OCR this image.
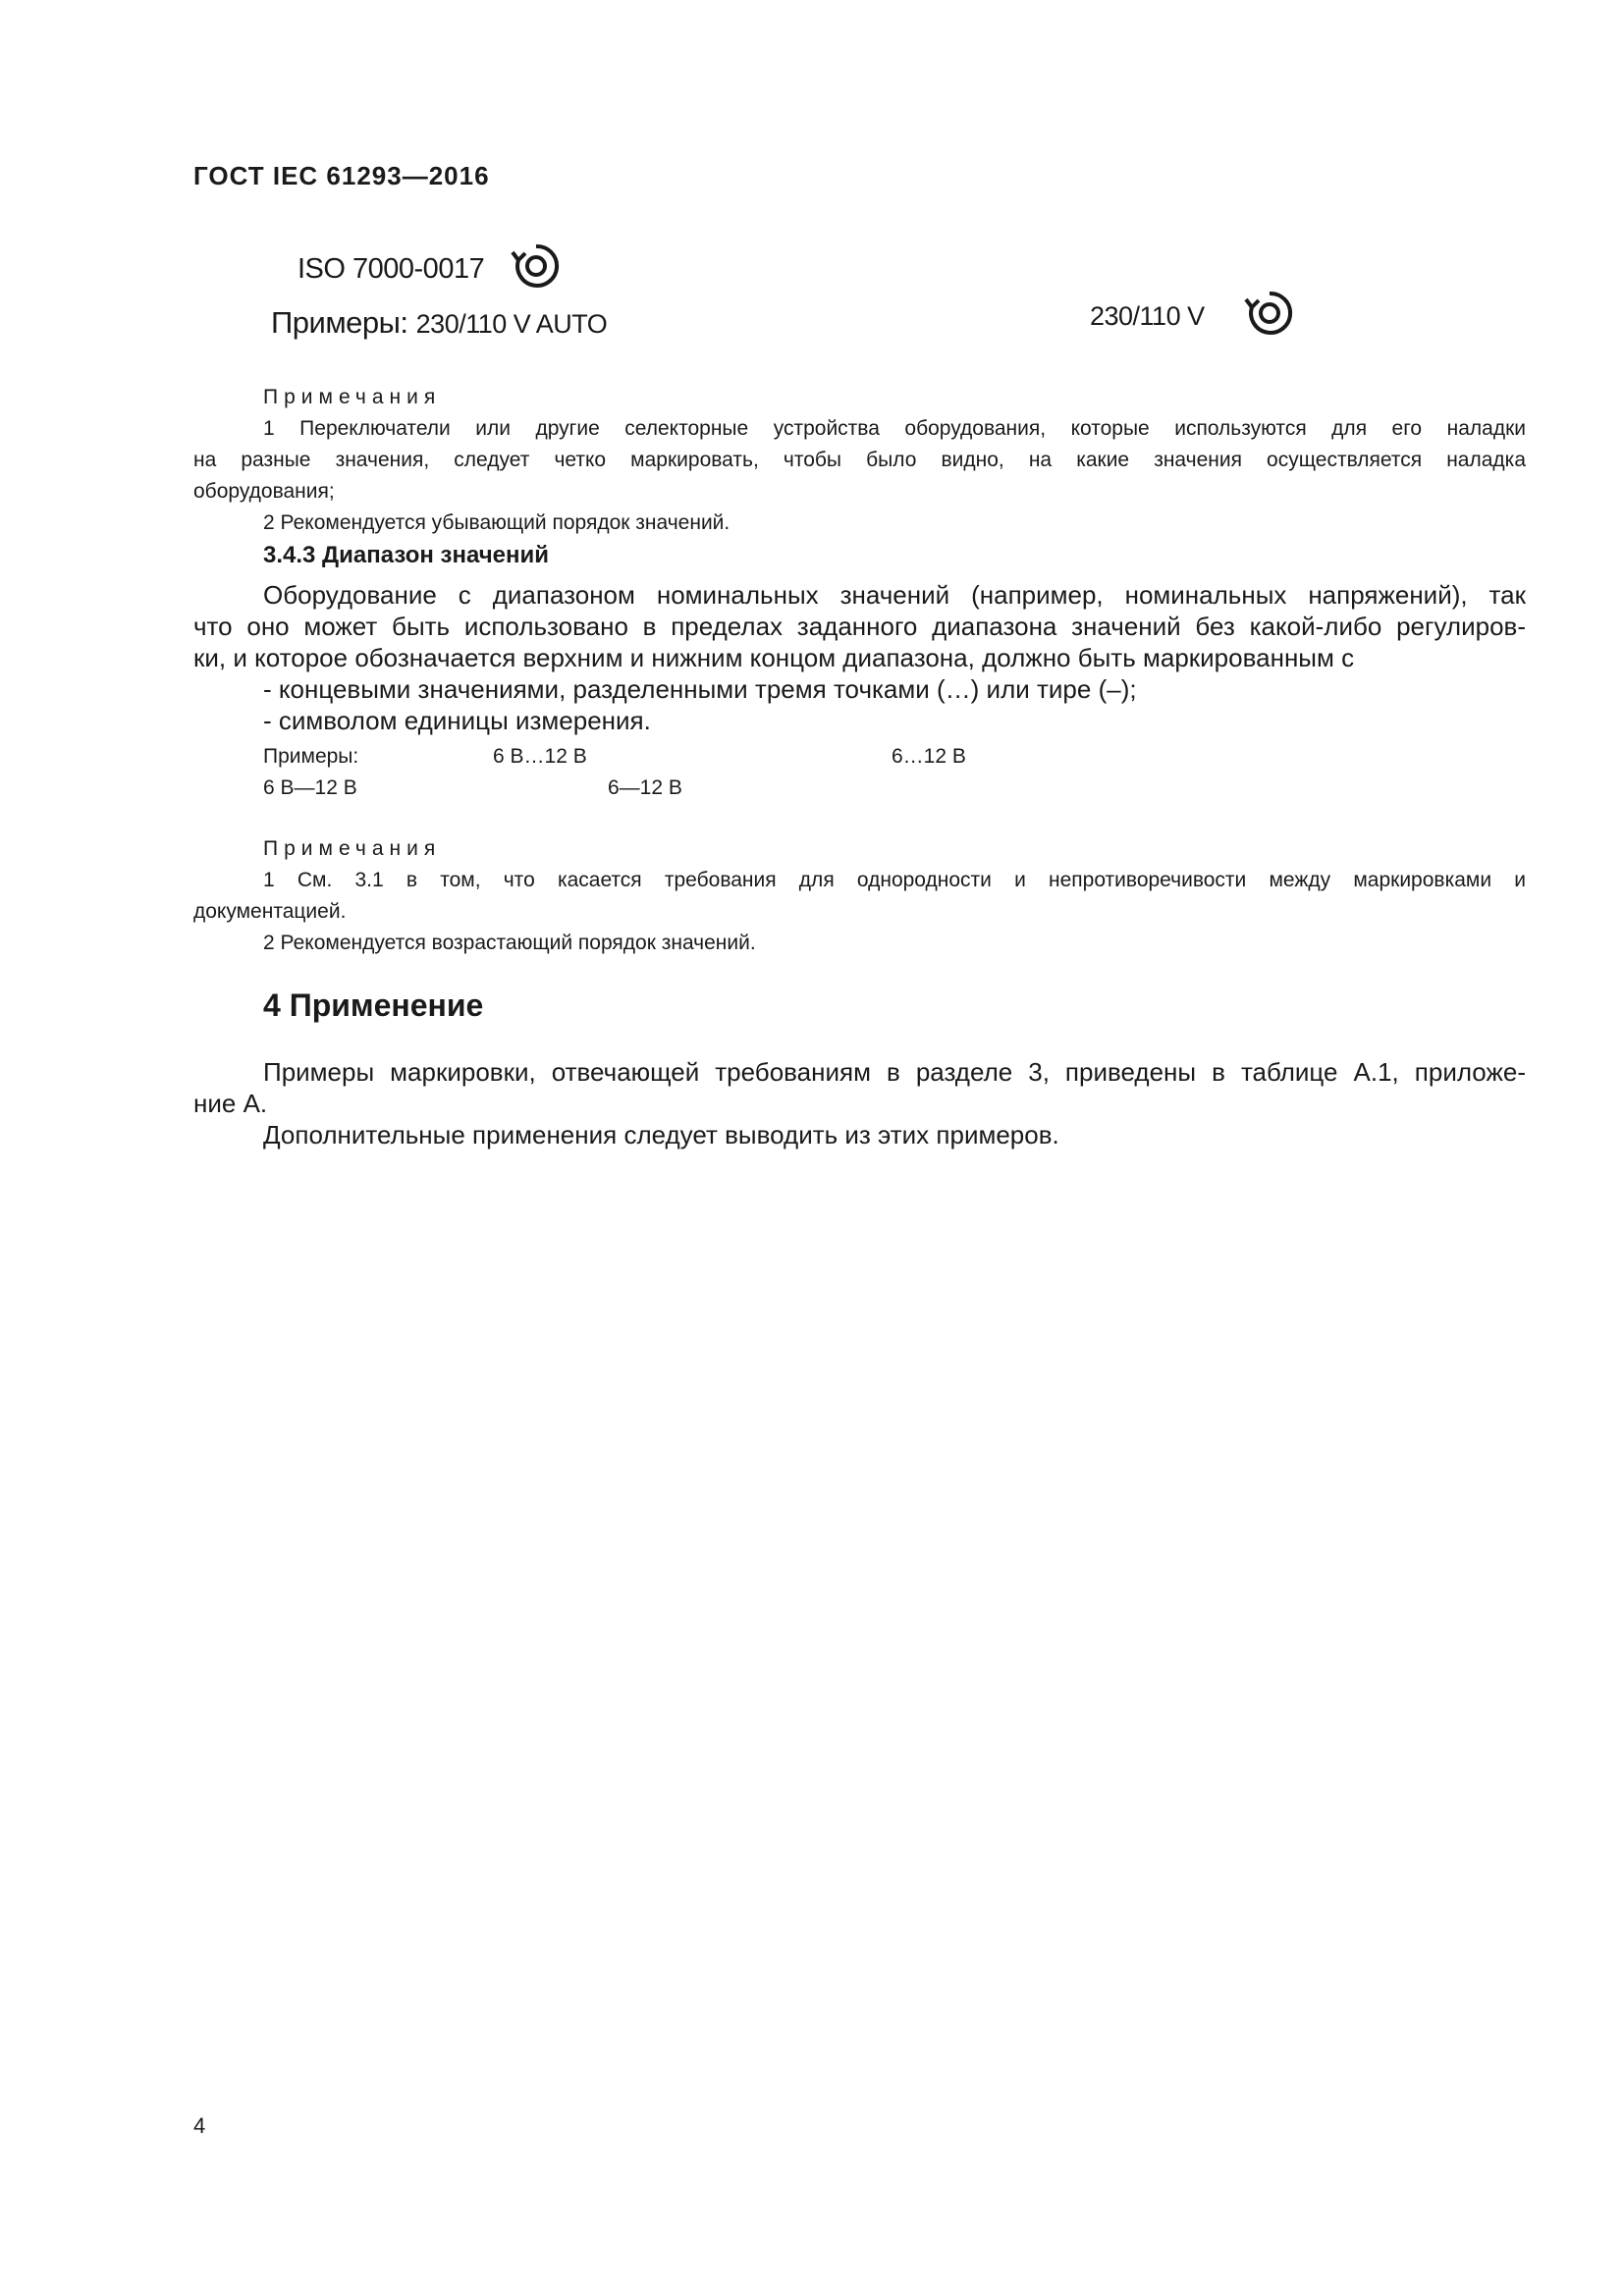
ГОСТ IEC 61293—2016
ISO 7000-0017
Примеры: 230/110 V AUTO	230/110 V
Примечания
1 Переключатели или другие селекторные устройства оборудования, которые используются для его наладки
на разные значения, следует четко маркировать, чтобы было видно, на какие значения осуществляется наладка
оборудования;
2 Рекомендуется убывающий порядок значений.
3.4.3 Диапазон значений
Оборудование с диапазоном номинальных значений (например, номинальных напряжений), так
что оно может быть использовано в пределах заданного диапазона значений без какой-либо регулиров-
ки, и которое обозначается верхним и нижним концом диапазона, должно быть маркированным с
- концевыми значениями, разделенными тремя точками (…) или тире (–);
- символом единицы измерения.
Примеры:	6 В…12 В	6…12 В
6 В—12 В	6—12 В
Примечания
1 См. 3.1 в том, что касается требования для однородности и непротиворечивости между маркировками и
документацией.
2 Рекомендуется возрастающий порядок значений.
4 Применение
Примеры маркировки, отвечающей требованиям в разделе 3, приведены в таблице А.1, приложе-
ние А.
Дополнительные применения следует выводить из этих примеров.
4
